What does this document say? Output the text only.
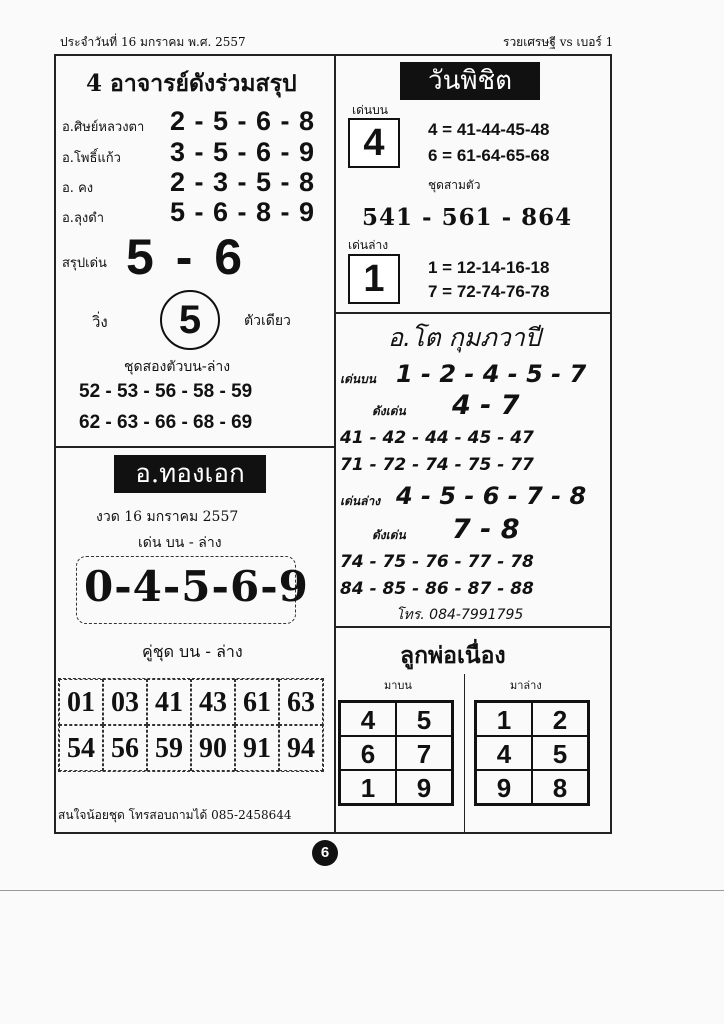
ประจำวันที่ 16 มกราคม พ.ศ. 2557	รวยเศรษฐี vs เบอร์ 1
4 อาจารย์ดังร่วมสรุป
อ.ศิษย์หลวงตา 2 - 5 - 6 - 8
อ.โพธิ์แก้ว 3 - 5 - 6 - 9
อ. คง	2 - 3 - 5 - 8
อ.ลุงดำ 5 - 6 - 8 - 9
สรุปเด่น 5 - 6
วิ่ง	5	ตัวเดียว
ชุดสองตัวบน-ล่าง
52 - 53 - 56 - 58 - 59
62 - 63 - 66 - 68 - 69
อ.ทองเอก
งวด 16 มกราคม 2557
เด่น บน - ล่าง
0-4-5-6-9
คู่ชุด บน - ล่าง
01 03 41 43 61 63
54 56 59 90 91 94
สนใจน้อยชุด โทรสอบถามได้ 085-2458644
วันพิชิต
เด่นบน
4	4 = 41-44-45-48
6 = 61-64-65-68
ชุดสามตัว
541 - 561 - 864
เด่นล่าง
1	1 = 12-14-16-18
7 = 72-74-76-78
อ.โต กุมภวาปี
เด่นบน 1 - 2 - 4 - 5 - 7
ดังเด่น 4 - 7
41 - 42 - 44 - 45 - 47
71 - 72 - 74 - 75 - 77
เด่นล่าง 4 - 5 - 6 - 7 - 8
ดังเด่น 7 - 8
74 - 75 - 76 - 77 - 78
84 - 85 - 86 - 87 - 88
โทร. 084-7991795
ลูกพ่อเนื่อง
มาบน	มาล่าง
4	5
6	7
1	9
1	2
4	5
9	8
6
